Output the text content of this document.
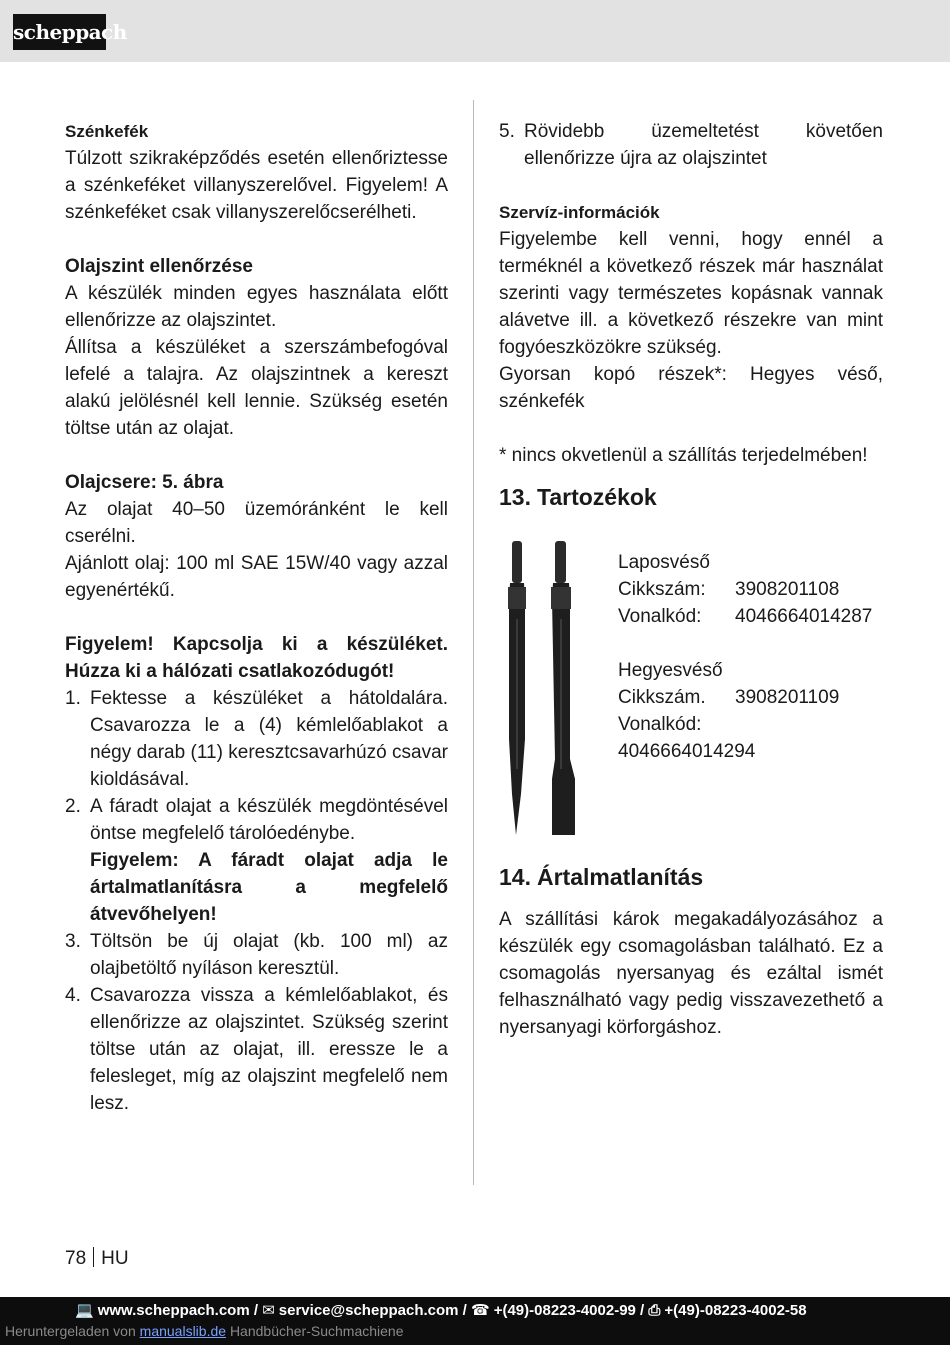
scheppach

Szénkefék

Túlzott szikraképződés esetén ellenőriztesse a szénkeféket villanyszerelővel. Figyelem! A szénkeféket csak villanyszerelőcserélheti.

Olajszint ellenőrzése

A készülék minden egyes használata előtt ellenőrizze az olajszintet.

Állítsa a készüléket a szerszámbefogóval lefelé a talajra. Az olajszintnek a kereszt alakú jelölésnél kell lennie. Szükség esetén töltse után az olajat.

Olajcsere: 5. ábra

Az olajat 40–50 üzemóránként le kell cserélni.

Ajánlott olaj: 100 ml SAE 15W/40 vagy azzal egyenértékű.

Figyelem! Kapcsolja ki a készüléket. Húzza ki a hálózati csatlakozódugót!

1. Fektesse a készüléket a hátoldalára. Csavarozza le a (4) kémlelőablakot a négy darab (11) keresztcsavarhúzó csavar kioldásával.

2. A fáradt olajat a készülék megdöntésével öntse megfelelő tárolóedénybe.

Figyelem: A fáradt olajat adja le ártalmatlanításra a megfelelő átvevőhelyen!

3. Töltsön be új olajat (kb. 100 ml) az olajbetöltő nyíláson keresztül.

4. Csavarozza vissza a kémlelőablakot, és ellenőrizze az olajszintet. Szükség szerint töltse után az olajat, ill. eressze le a felesleget, míg az olajszint megfelelő nem lesz.

5. Rövidebb üzemeltetést követően ellenőrizze újra az olajszintet

Szervíz-információk

Figyelembe kell venni, hogy ennél a terméknél a következő részek már használat szerinti vagy természetes kopásnak vannak alávetve ill. a következő részekre van mint fogyóeszközökre szükség.

Gyorsan kopó részek*: Hegyes véső, szénkefék

* nincs okvetlenül a szállítás terjedelmében!

13. Tartozékok

Laposvéső

Cikkszám:	3908201108
Vonalkód:	4046664014287

Hegyesvéső

Cikkszám.	3908201109

Vonalkód:

4046664014294

14. Ártalmatlanítás

A szállítási károk megakadályozásához a készülék egy csomagolásban található. Ez a csomagolás nyersanyag és ezáltal ismét felhasználható vagy pedig visszavezethető a nyersanyagi körforgáshoz.

78 HU
💻 www.scheppach.com / ✉ service@scheppach.com / ☎ +(49)-08223-4002-99 / ⎙ +(49)-08223-4002-58
Heruntergeladen von manualslib.de Handbücher-Suchmachiene
